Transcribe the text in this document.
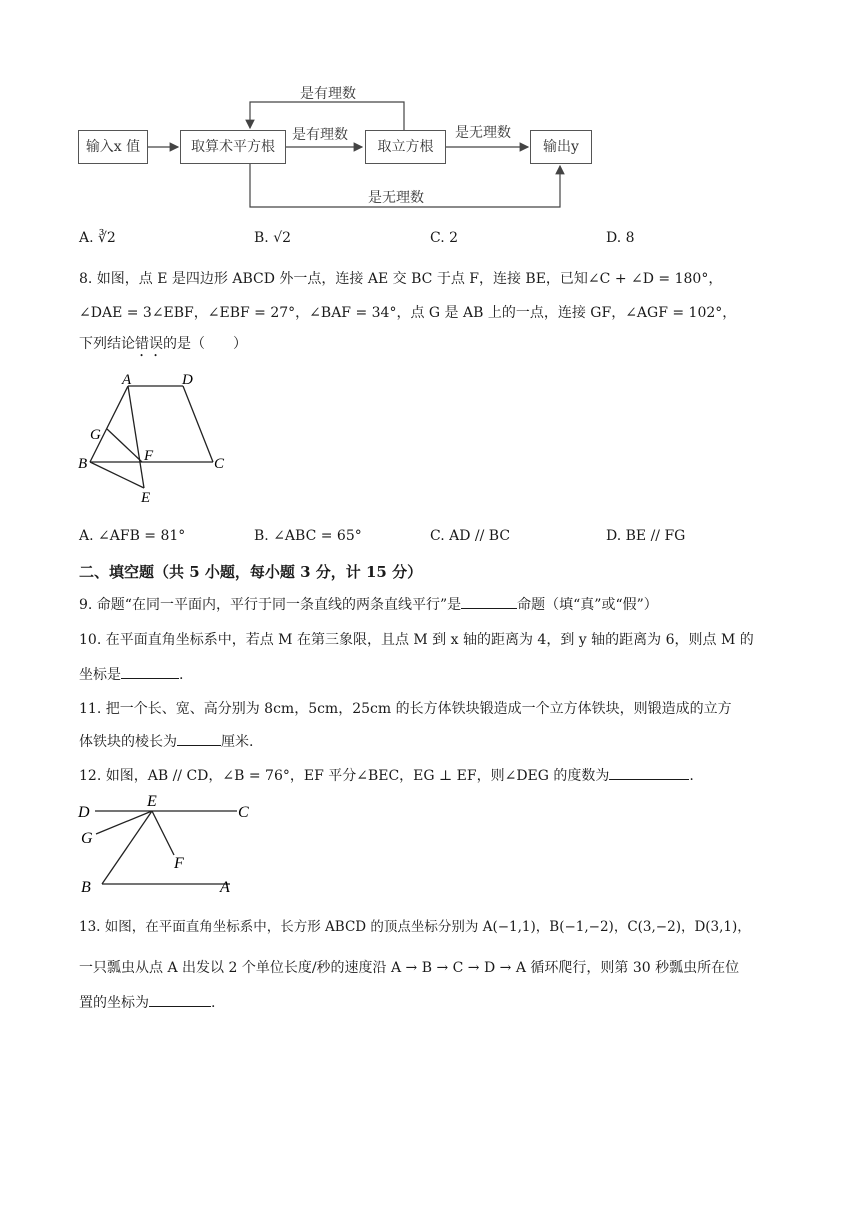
输入x 值	取算术平方根	取立方根	输出y
是有理数
是有理数	是无理数
是无理数
A. ∛2	B. √2	C. 2	D. 8
8. 如图，点 E 是四边形 ABCD 外一点，连接 AE 交 BC 于点 F，连接 BE，已知∠C + ∠D = 180°，
∠DAE = 3∠EBF，∠EBF = 27°，∠BAF = 34°，点 G 是 AB 上的一点，连接 GF，∠AGF = 102°，
下列结论错误的是（　　）
A	D
G
B	F	C
E
A. ∠AFB = 81°	B. ∠ABC = 65°	C. AD // BC	D. BE // FG
二、填空题（共 5 小题，每小题 3 分，计 15 分）
9. 命题“在同一平面内，平行于同一条直线的两条直线平行”是	命题（填“真”或“假”）
10. 在平面直角坐标系中，若点 M 在第三象限，且点 M 到 x 轴的距离为 4，到 y 轴的距离为 6，则点 M 的
坐标是	.
11. 把一个长、宽、高分别为 8cm，5cm，25cm 的长方体铁块锻造成一个立方体铁块，则锻造成的立方
体铁块的棱长为	厘米.
12. 如图，AB // CD，∠B = 76°，EF 平分∠BEC，EG ⊥ EF，则∠DEG 的度数为	.
D
E
C
G
F
B	A
13. 如图，在平面直角坐标系中，长方形 ABCD 的顶点坐标分别为 A(−1,1)，B(−1,−2)，C(3,−2)，D(3,1)，
一只瓢虫从点 A 出发以 2 个单位长度/秒的速度沿 A → B → C → D → A 循环爬行，则第 30 秒瓢虫所在位
置的坐标为	.
